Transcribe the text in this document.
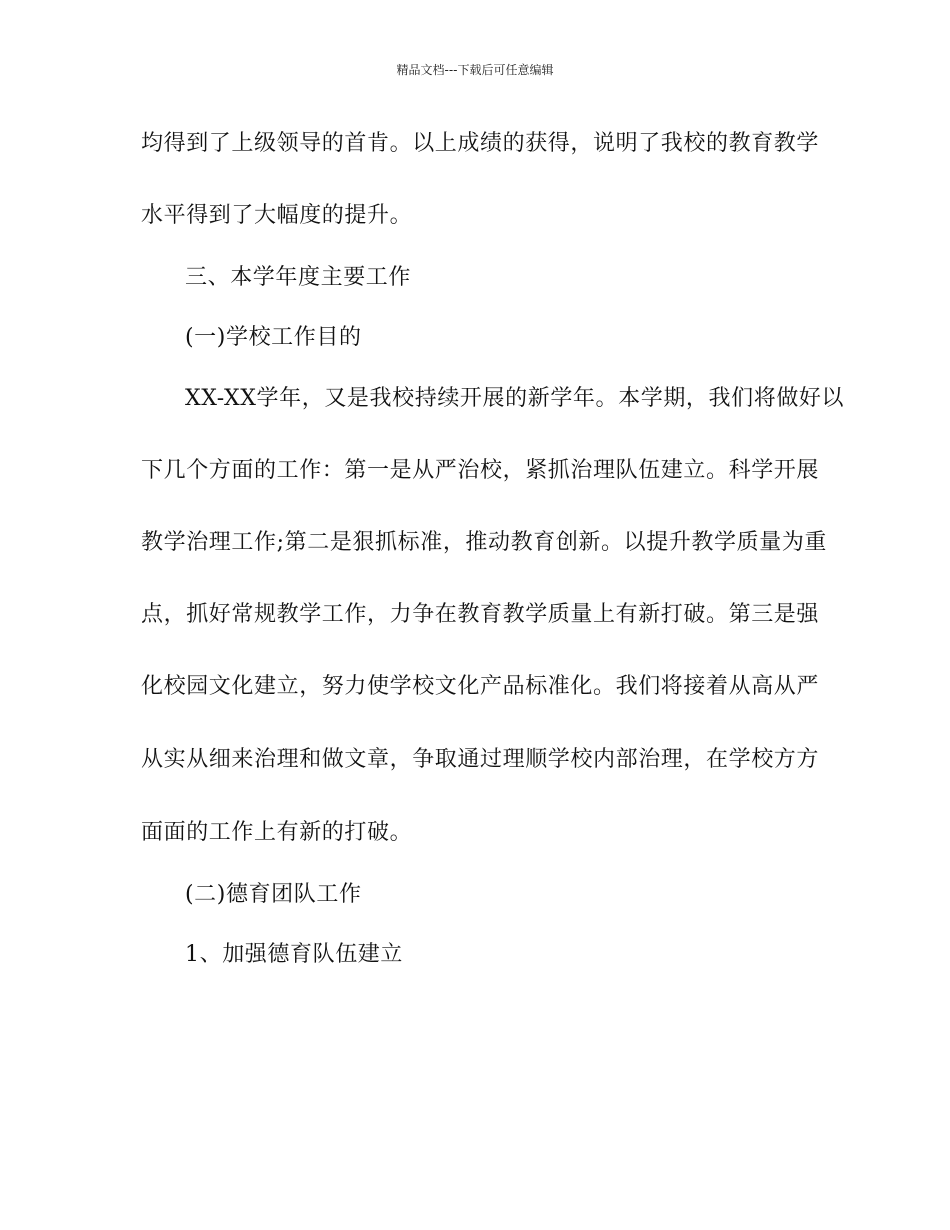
精品文档---下载后可任意编辑
均得到了上级领导的首肯。以上成绩的获得，说明了我校的教育教学
水平得到了大幅度的提升。
三、本学年度主要工作
(一)学校工作目的
XX-XX学年，又是我校持续开展的新学年。本学期，我们将做好以
下几个方面的工作：第一是从严治校，紧抓治理队伍建立。科学开展
教学治理工作;第二是狠抓标准，推动教育创新。以提升教学质量为重
点，抓好常规教学工作，力争在教育教学质量上有新打破。第三是强
化校园文化建立，努力使学校文化产品标准化。我们将接着从高从严
从实从细来治理和做文章，争取通过理顺学校内部治理，在学校方方
面面的工作上有新的打破。
(二)德育团队工作
1、加强德育队伍建立
